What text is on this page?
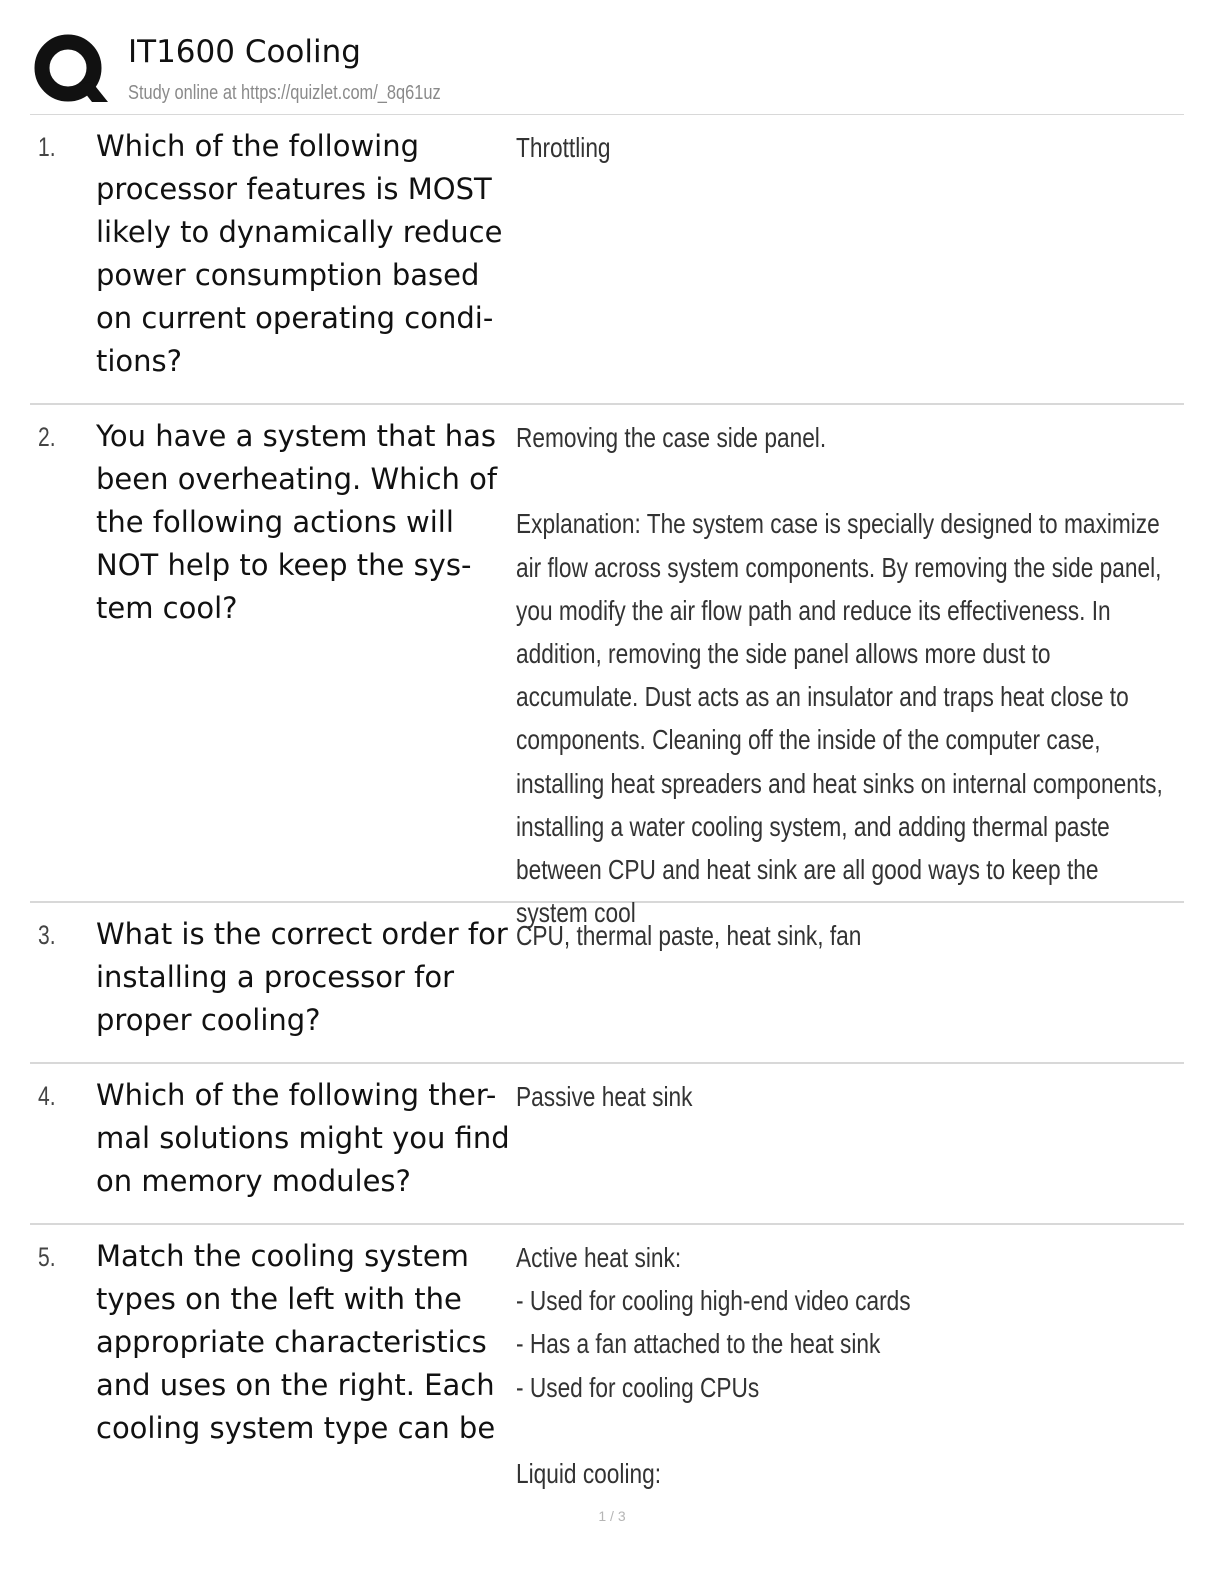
IT1600 Cooling
Study online at https://quizlet.com/_8q61uz
1. Which of the following processor features is MOST likely to dynamically reduce power consumption based on current operating condi-tions?
Throttling
2. You have a system that has been overheating. Which of the following actions will NOT help to keep the sys-tem cool?
Removing the case side panel.

Explanation: The system case is specially designed to maximize air flow across system components. By removing the side panel, you modify the air flow path and reduce its effectiveness. In addition, removing the side panel allows more dust to accumulate. Dust acts as an insulator and traps heat close to components. Cleaning off the inside of the computer case, installing heat spreaders and heat sinks on internal components, installing a water cooling system, and adding thermal paste between CPU and heat sink are all good ways to keep the system cool
3. What is the correct order for installing a processor for proper cooling?
CPU, thermal paste, heat sink, fan
4. Which of the following ther-mal solutions might you find on memory modules?
Passive heat sink
5. Match the cooling system types on the left with the appropriate characteristics and uses on the right. Each cooling system type can be
Active heat sink:
- Used for cooling high-end video cards
- Has a fan attached to the heat sink
- Used for cooling CPUs

Liquid cooling:
1 / 3
